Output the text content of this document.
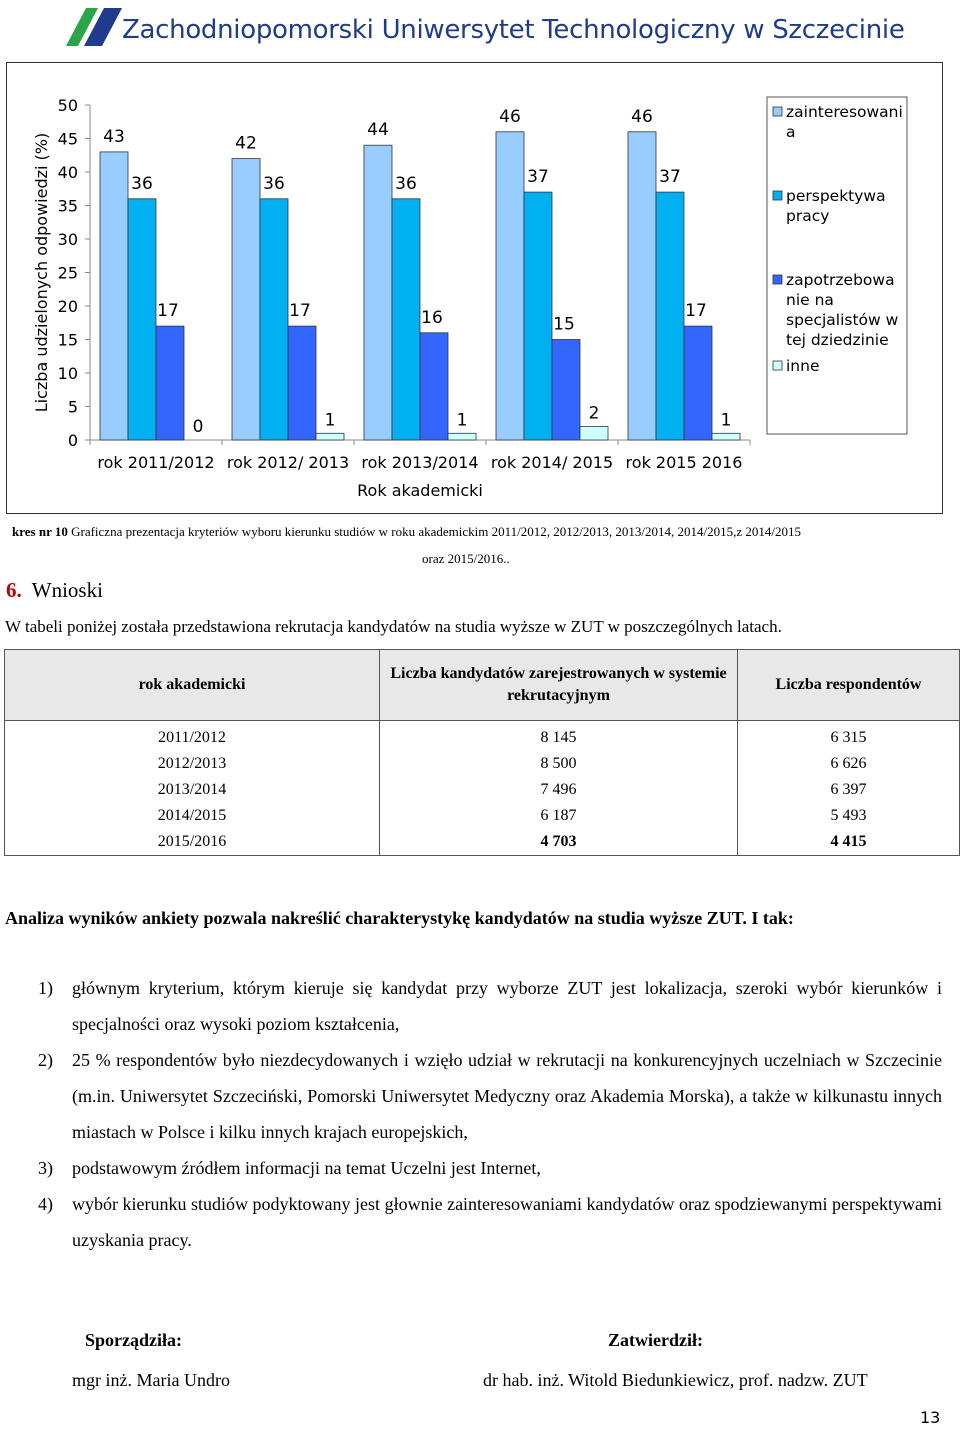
Zachodniopomorski Uniwersytet Technologiczny w Szczecinie
0
5
10
15
20
25
30
35
40
45
50
43
36
17
0
rok 2011/2012
42
36
17
1
rok 2012/ 2013
44
36
16
1
rok 2013/2014
46
37
15
2
rok 2014/ 2015
46
37
17
1
rok 2015 2016
Rok akademicki
Liczba udzielonych odpowiedzi (%)
zainteresowani
a
perspektywa
pracy
zapotrzebowa
nie na
specjalistów w
tej dziedzinie
inne
kres nr 10 Graficzna prezentacja kryteriów wyboru kierunku studiów w roku akademickim 2011/2012, 2012/2013, 2013/2014, 2014/2015,z 2014/2015
oraz 2015/2016..
6. Wnioski
W tabeli poniżej została przedstawiona rekrutacja kandydatów na studia wyższe w ZUT w poszczególnych latach.
rok akademicki	Liczba kandydatów zarejestrowanych w systemie rekrutacyjnym	Liczba respondentów

2011/2012	8 145	6 315
2012/2013	8 500	6 626
2013/2014	7 496	6 397
2014/2015	6 187	5 493
2015/2016	4 703	4 415
Analiza wyników ankiety pozwala nakreślić charakterystykę kandydatów na studia wyższe ZUT. I tak:
1) głównym kryterium, którym kieruje się kandydat przy wyborze ZUT jest lokalizacja, szeroki wybór kierunków i specjalności oraz wysoki poziom kształcenia,
2) 25 % respondentów było niezdecydowanych i wzięło udział w rekrutacji na konkurencyjnych uczelniach w Szczecinie (m.in. Uniwersytet Szczeciński, Pomorski Uniwersytet Medyczny oraz Akademia Morska), a także w kilkunastu innych miastach w Polsce i kilku innych krajach europejskich,
3) podstawowym źródłem informacji na temat Uczelni jest Internet,
4) wybór kierunku studiów podyktowany jest głownie zainteresowaniami kandydatów oraz spodziewanymi perspektywami uzyskania pracy.
Sporządziła:	Zatwierdził:
mgr inż. Maria Undro	dr hab. inż. Witold Biedunkiewicz, prof. nadzw. ZUT
13
